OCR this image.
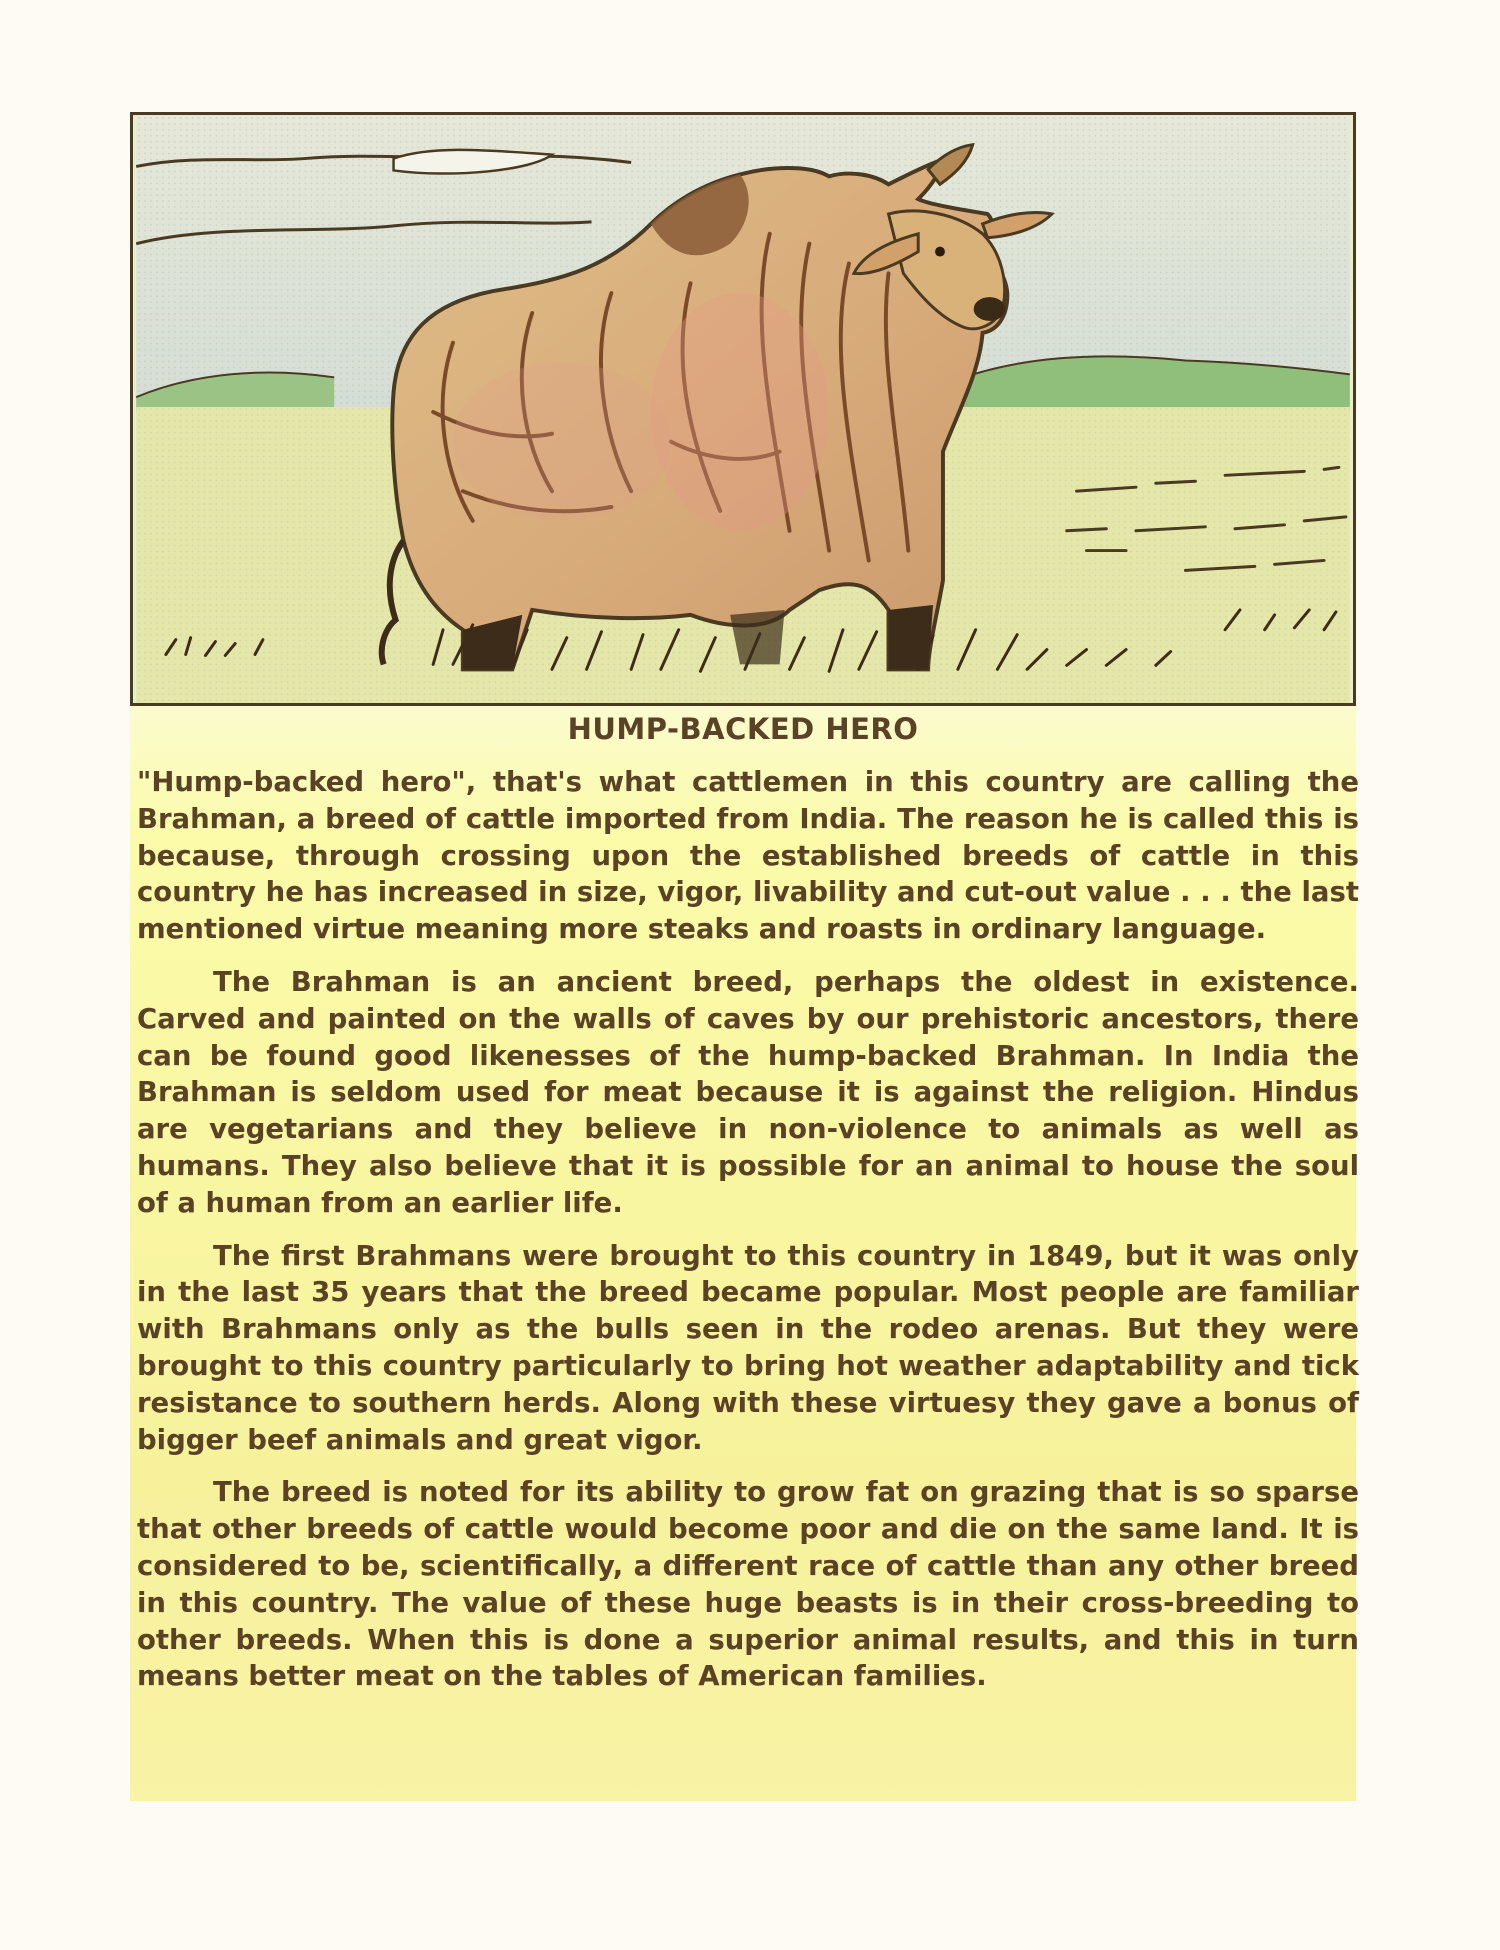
HUMP-BACKED HERO

"Hump-backed hero", that's what cattlemen in this country are calling the Brahman, a breed of cattle imported from India. The reason he is called this is because, through crossing upon the established breeds of cattle in this country he has increased in size, vigor, livability and cut-out value . . . the last mentioned virtue meaning more steaks and roasts in ordinary language.

The Brahman is an ancient breed, perhaps the oldest in existence. Carved and painted on the walls of caves by our prehistoric ancestors, there can be found good likenesses of the hump-backed Brahman. In India the Brahman is seldom used for meat because it is against the religion. Hindus are vegetarians and they believe in non-violence to animals as well as humans. They also believe that it is possible for an animal to house the soul of a human from an earlier life.

The first Brahmans were brought to this country in 1849, but it was only in the last 35 years that the breed became popular. Most people are familiar with Brahmans only as the bulls seen in the rodeo arenas. But they were brought to this country particularly to bring hot weather adaptability and tick resistance to southern herds. Along with these virtuesy they gave a bonus of bigger beef animals and great vigor.

The breed is noted for its ability to grow fat on grazing that is so sparse that other breeds of cattle would become poor and die on the same land. It is considered to be, scientifically, a different race of cattle than any other breed in this country. The value of these huge beasts is in their cross-breeding to other breeds. When this is done a superior animal results, and this in turn means better meat on the tables of American families.
